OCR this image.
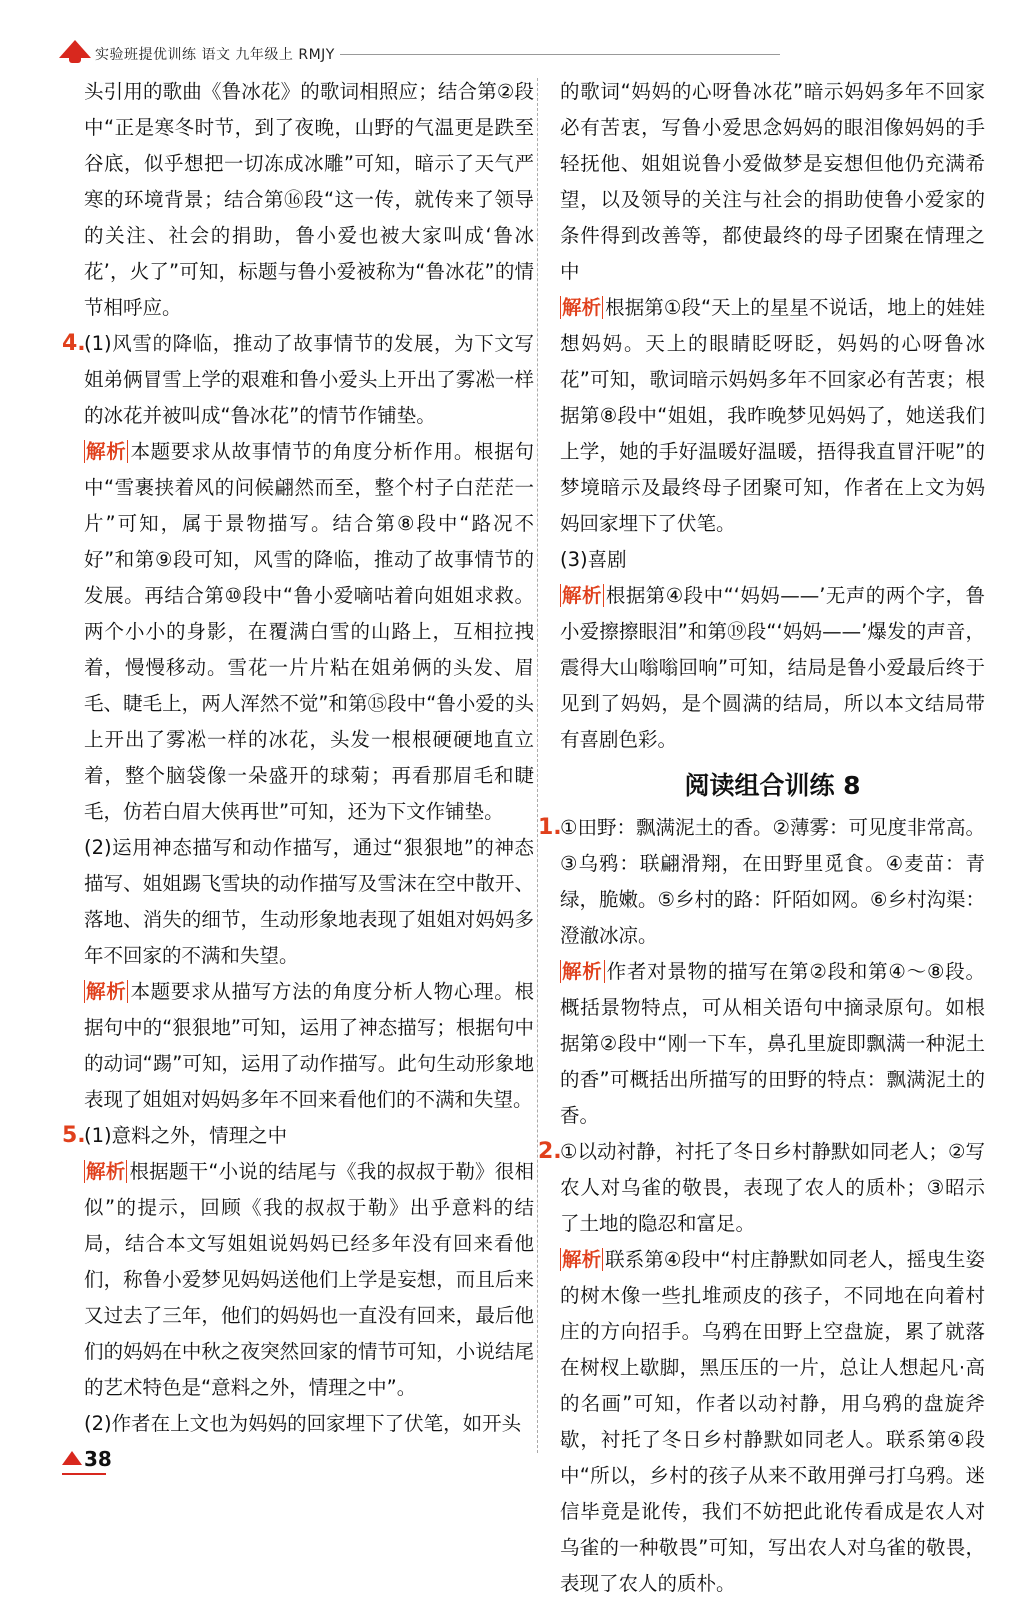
实验班提优训练 语文 九年级上 RMJY

头引用的歌曲《鲁冰花》的歌词相照应；结合第②段中“正是寒冬时节，到了夜晚，山野的气温更是跌至谷底，似乎想把一切冻成冰雕”可知，暗示了天气严寒的环境背景；结合第⑯段“这一传，就传来了领导的关注、社会的捐助，鲁小爱也被大家叫成‘鲁冰花’，火了”可知，标题与鲁小爱被称为“鲁冰花”的情节相呼应。

4.

(1)风雪的降临，推动了故事情节的发展，为下文写姐弟俩冒雪上学的艰难和鲁小爱头上开出了雾凇一样的冰花并被叫成“鲁冰花”的情节作铺垫。

解析 本题要求从故事情节的角度分析作用。根据句中“雪裹挟着风的问候翩然而至，整个村子白茫茫一片”可知，属于景物描写。结合第⑧段中“路况不好”和第⑨段可知，风雪的降临，推动了故事情节的发展。再结合第⑩段中“鲁小爱嘀咕着向姐姐求救。两个小小的身影，在覆满白雪的山路上，互相拉拽着，慢慢移动。雪花一片片粘在姐弟俩的头发、眉毛、睫毛上，两人浑然不觉”和第⑮段中“鲁小爱的头上开出了雾凇一样的冰花，头发一根根硬硬地直立着，整个脑袋像一朵盛开的球菊；再看那眉毛和睫毛，仿若白眉大侠再世”可知，还为下文作铺垫。

(2)运用神态描写和动作描写，通过“狠狠地”的神态描写、姐姐踢飞雪块的动作描写及雪沫在空中散开、落地、消失的细节，生动形象地表现了姐姐对妈妈多年不回家的不满和失望。

解析 本题要求从描写方法的角度分析人物心理。根据句中的“狠狠地”可知，运用了神态描写；根据句中的动词“踢”可知，运用了动作描写。此句生动形象地表现了姐姐对妈妈多年不回来看他们的不满和失望。

5.

(1)意料之外，情理之中

解析 根据题干“小说的结尾与《我的叔叔于勒》很相似”的提示，回顾《我的叔叔于勒》出乎意料的结局，结合本文写姐姐说妈妈已经多年没有回来看他们，称鲁小爱梦见妈妈送他们上学是妄想，而且后来又过去了三年，他们的妈妈也一直没有回来，最后他们的妈妈在中秋之夜突然回家的情节可知，小说结尾的艺术特色是“意料之外，情理之中”。

(2)作者在上文也为妈妈的回家埋下了伏笔，如开头

的歌词“妈妈的心呀鲁冰花”暗示妈妈多年不回家必有苦衷，写鲁小爱思念妈妈的眼泪像妈妈的手轻抚他、姐姐说鲁小爱做梦是妄想但他仍充满希望，以及领导的关注与社会的捐助使鲁小爱家的条件得到改善等，都使最终的母子团聚在情理之中

解析 根据第①段“天上的星星不说话，地上的娃娃想妈妈。天上的眼睛眨呀眨，妈妈的心呀鲁冰花”可知，歌词暗示妈妈多年不回家必有苦衷；根据第⑧段中“姐姐，我昨晚梦见妈妈了，她送我们上学，她的手好温暖好温暖，捂得我直冒汗呢”的梦境暗示及最终母子团聚可知，作者在上文为妈妈回家埋下了伏笔。

(3)喜剧

解析 根据第④段中“‘妈妈——’无声的两个字，鲁小爱擦擦眼泪”和第⑲段“‘妈妈——’爆发的声音，震得大山嗡嗡回响”可知，结局是鲁小爱最后终于见到了妈妈，是个圆满的结局，所以本文结局带有喜剧色彩。

阅读组合训练 8
1.

①田野：飘满泥土的香。②薄雾：可见度非常高。③乌鸦：联翩滑翔，在田野里觅食。④麦苗：青绿，脆嫩。⑤乡村的路：阡陌如网。⑥乡村沟渠：澄澈冰凉。

解析 作者对景物的描写在第②段和第④～⑧段。概括景物特点，可从相关语句中摘录原句。如根据第②段中“刚一下车，鼻孔里旋即飘满一种泥土的香”可概括出所描写的田野的特点：飘满泥土的香。

2.

①以动衬静，衬托了冬日乡村静默如同老人；②写农人对乌雀的敬畏，表现了农人的质朴；③昭示了土地的隐忍和富足。

解析 联系第④段中“村庄静默如同老人，摇曳生姿的树木像一些扎堆顽皮的孩子，不同地在向着村庄的方向招手。乌鸦在田野上空盘旋，累了就落在树杈上歇脚，黑压压的一片，总让人想起凡·高的名画”可知，作者以动衬静，用乌鸦的盘旋斧歇，衬托了冬日乡村静默如同老人。联系第④段中“所以，乡村的孩子从来不敢用弹弓打乌鸦。迷信毕竟是讹传，我们不妨把此讹传看成是农人对乌雀的一种敬畏”可知，写出农人对乌雀的敬畏，表现了农人的质朴。

38
